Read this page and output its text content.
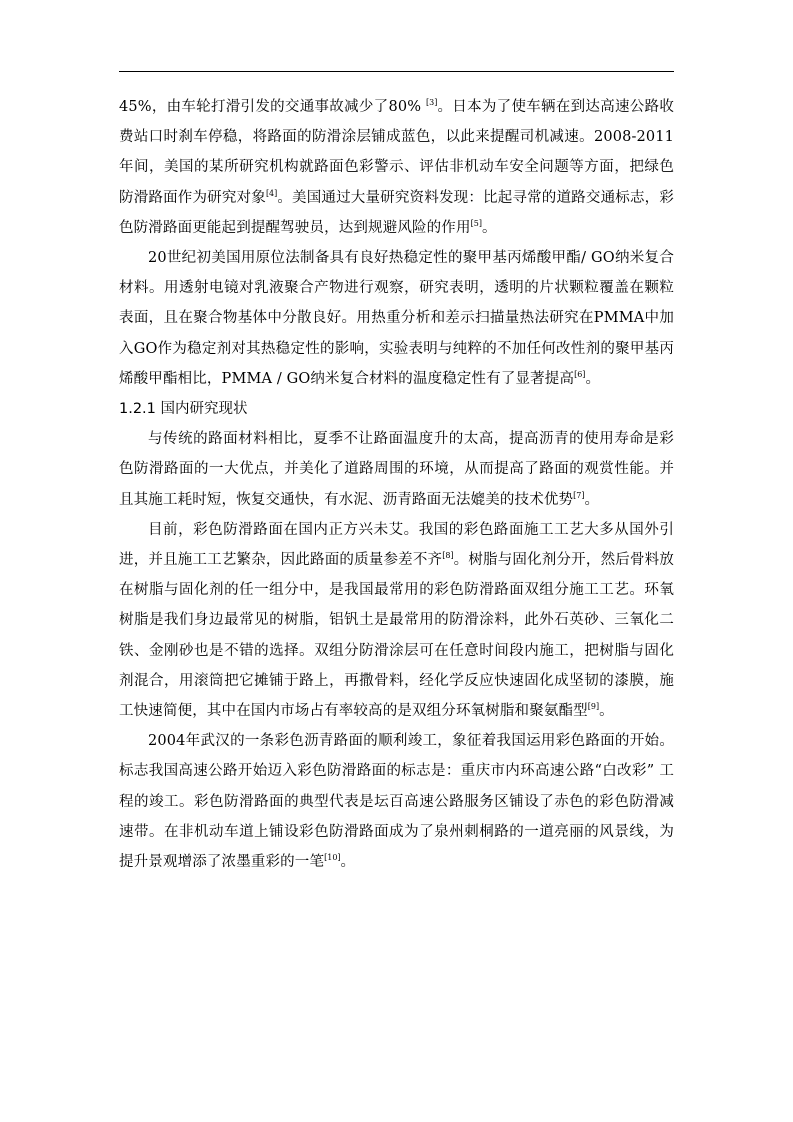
45%，由车轮打滑引发的交通事故减少了80% [3]。日本为了使车辆在到达高速公路收费站口时刹车停稳，将路面的防滑涂层铺成蓝色，以此来提醒司机减速。2008-2011年间，美国的某所研究机构就路面色彩警示、评估非机动车安全问题等方面，把绿色防滑路面作为研究对象[4]。美国通过大量研究资料发现：比起寻常的道路交通标志，彩色防滑路面更能起到提醒驾驶员，达到规避风险的作用[5]。

20世纪初美国用原位法制备具有良好热稳定性的聚甲基丙烯酸甲酯/ GO纳米复合材料。用透射电镜对乳液聚合产物进行观察，研究表明，透明的片状颗粒覆盖在颗粒表面，且在聚合物基体中分散良好。用热重分析和差示扫描量热法研究在PMMA中加入GO作为稳定剂对其热稳定性的影响，实验表明与纯粹的不加任何改性剂的聚甲基丙烯酸甲酯相比，PMMA / GO纳米复合材料的温度稳定性有了显著提高[6]。

1.2.1 国内研究现状

与传统的路面材料相比，夏季不让路面温度升的太高，提高沥青的使用寿命是彩色防滑路面的一大优点，并美化了道路周围的环境，从而提高了路面的观赏性能。并且其施工耗时短，恢复交通快，有水泥、沥青路面无法媲美的技术优势[7]。

目前，彩色防滑路面在国内正方兴未艾。我国的彩色路面施工工艺大多从国外引进，并且施工工艺繁杂，因此路面的质量参差不齐[8]。树脂与固化剂分开，然后骨料放在树脂与固化剂的任一组分中，是我国最常用的彩色防滑路面双组分施工工艺。环氧树脂是我们身边最常见的树脂，铝钒土是最常用的防滑涂料，此外石英砂、三氧化二铁、金刚砂也是不错的选择。双组分防滑涂层可在任意时间段内施工，把树脂与固化剂混合，用滚筒把它摊铺于路上，再撒骨料，经化学反应快速固化成坚韧的漆膜，施工快速简便，其中在国内市场占有率较高的是双组分环氧树脂和聚氨酯型[9]。

2004年武汉的一条彩色沥青路面的顺利竣工，象征着我国运用彩色路面的开始。标志我国高速公路开始迈入彩色防滑路面的标志是：重庆市内环高速公路“白改彩” 工程的竣工。彩色防滑路面的典型代表是坛百高速公路服务区铺设了赤色的彩色防滑减速带。在非机动车道上铺设彩色防滑路面成为了泉州刺桐路的一道亮丽的风景线，为提升景观增添了浓墨重彩的一笔[10]。
